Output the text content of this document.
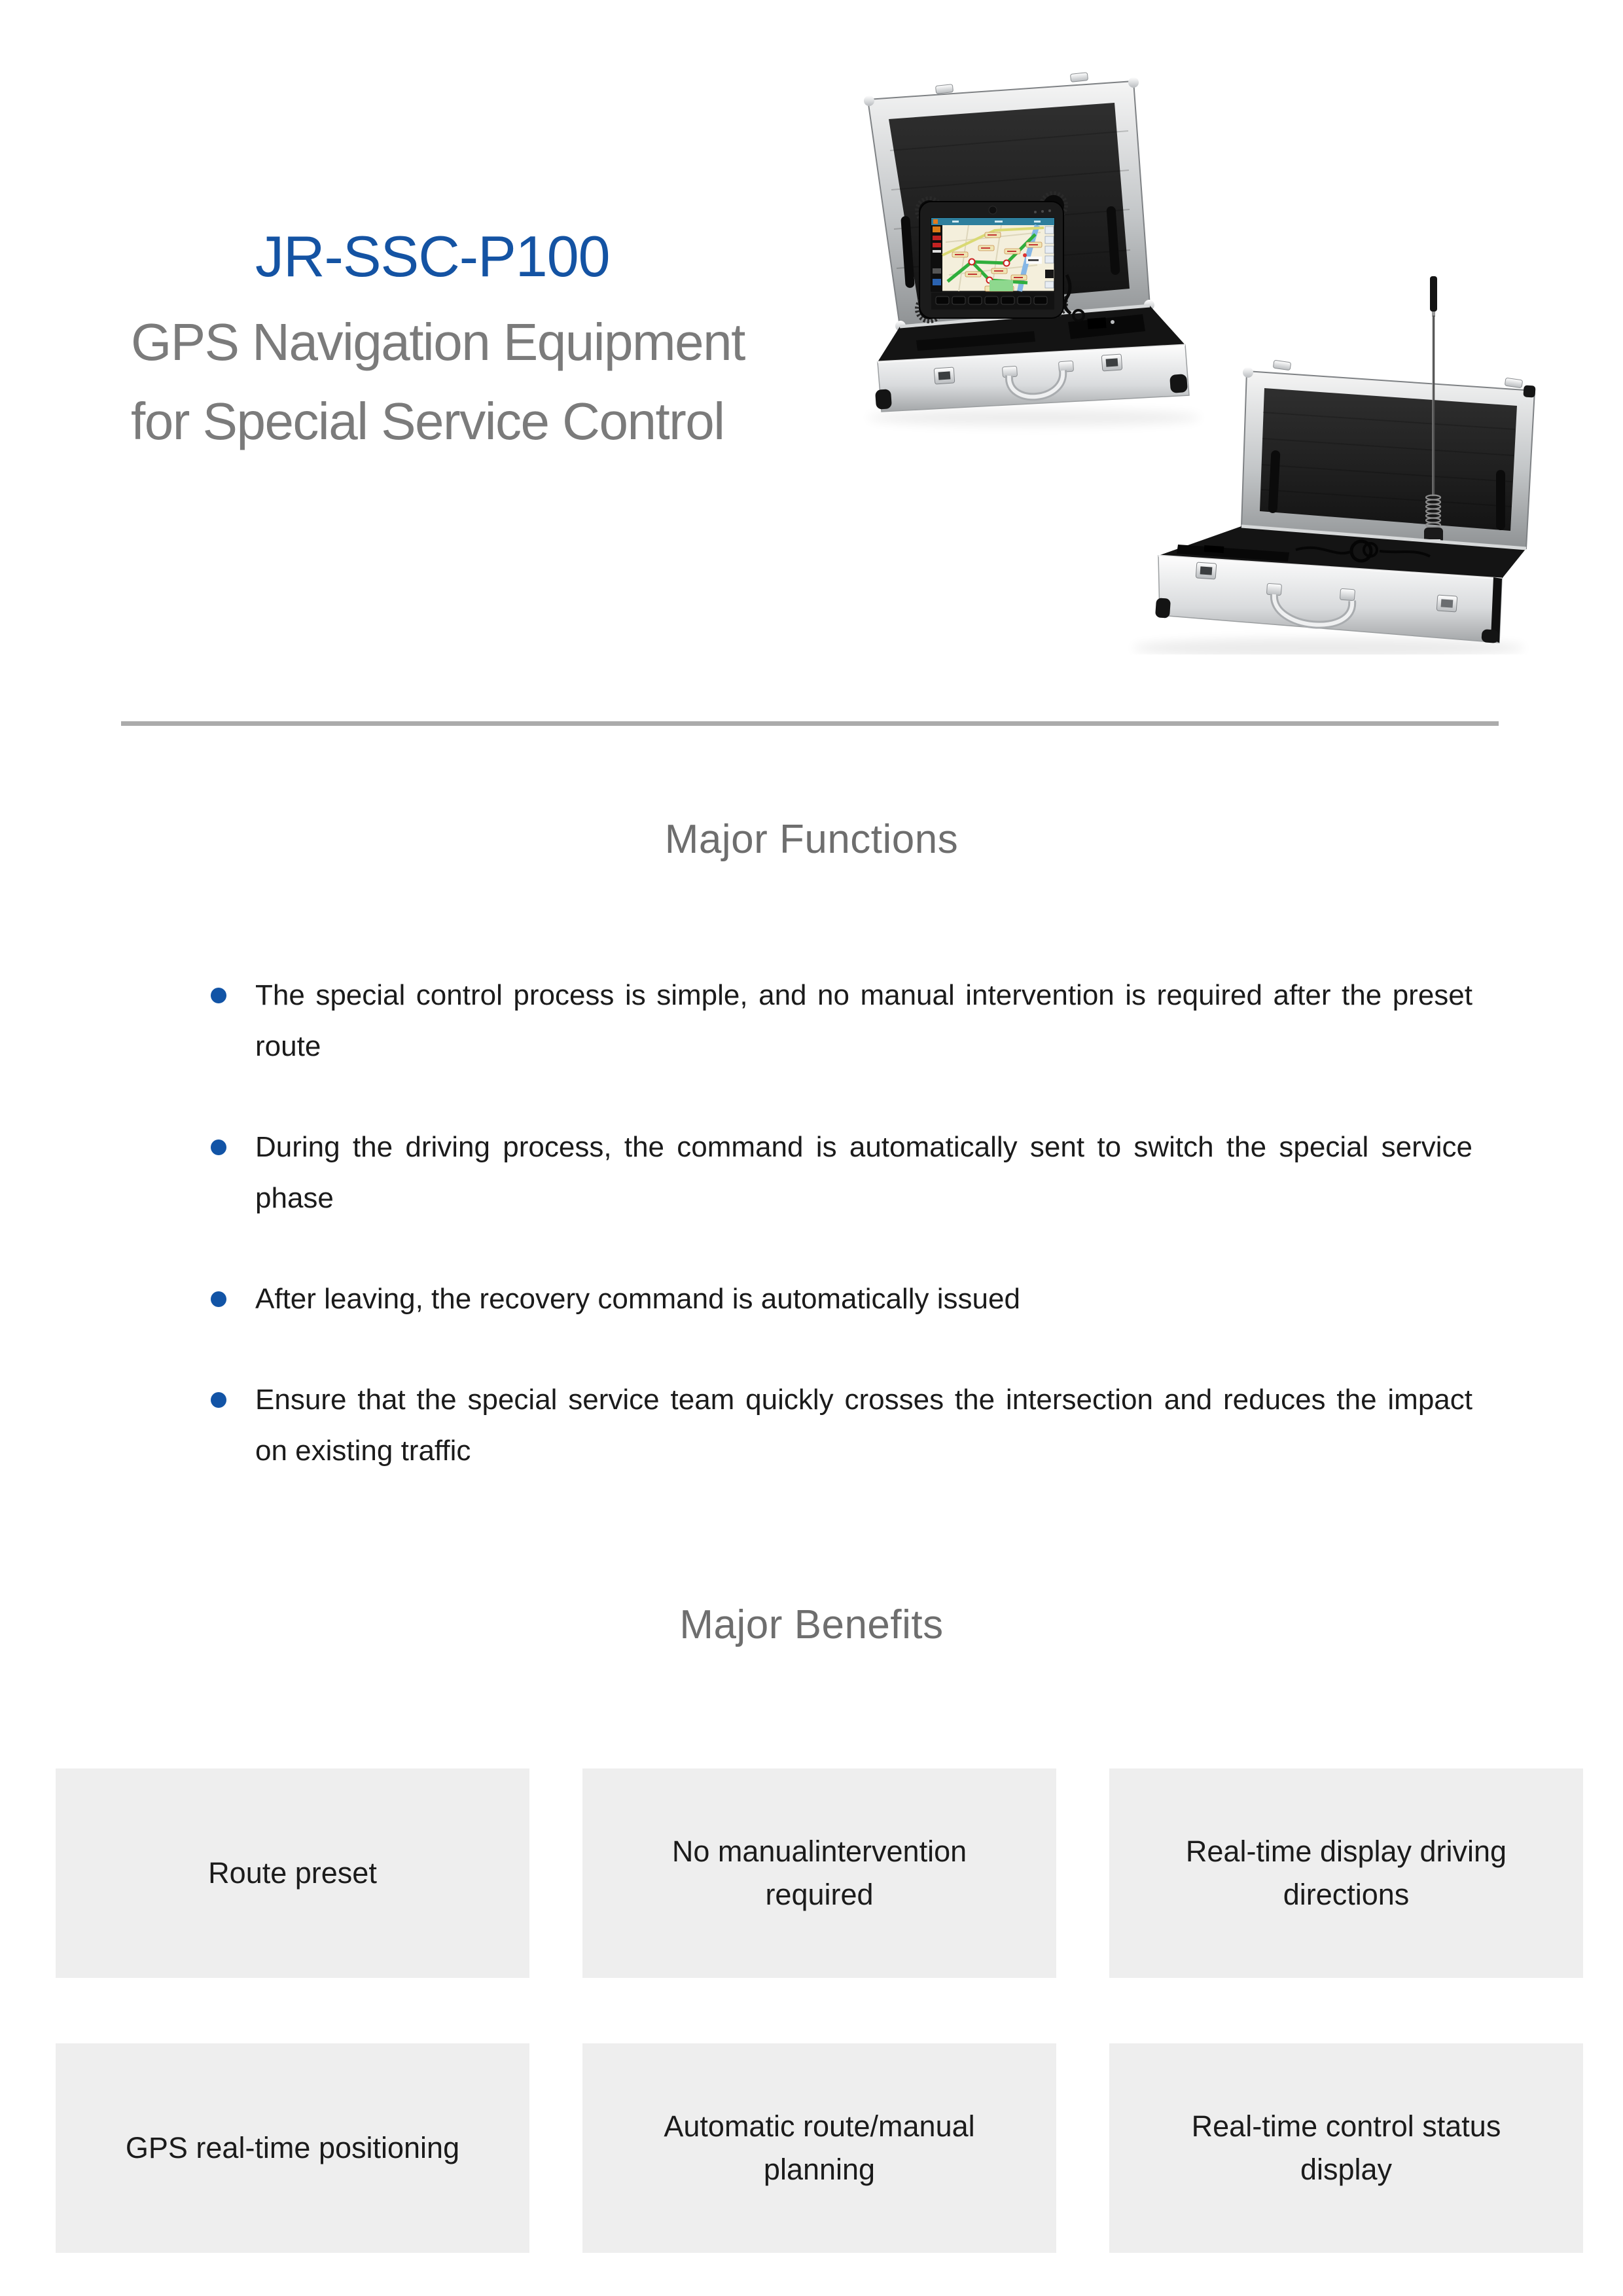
JR-SSC-P100
GPS Navigation Equipment
for Special Service Control
Major Functions
The special control process is simple, and no manual intervention is required after the preset route
During the driving process, the command is automatically sent to switch the special service phase
After leaving, the recovery command is automatically issued
Ensure that the special service team quickly crosses the intersection and reduces the impact on existing traffic
Major Benefits
Route preset
No manualintervention required
Real-time display driving directions
GPS real-time positioning
Automatic route/manual planning
Real-time control status display
